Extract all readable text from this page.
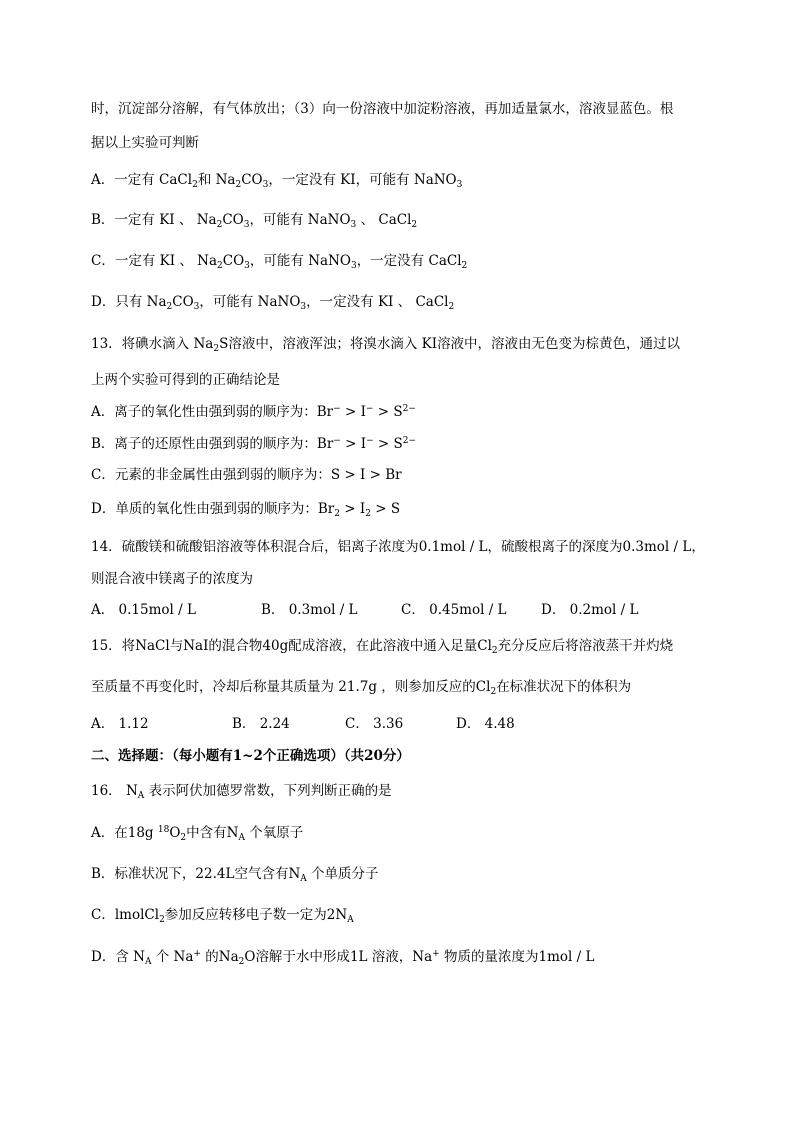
时，沉淀部分溶解，有气体放出；（3）向一份溶液中加淀粉溶液，再加适量氯水，溶液显蓝色。根
据以上实验可判断
A．一定有 CaCl$_2$和 $Na_2CO_3$，一定没有 KI，可能有 NaNO$_3$
B．一定有 KI 、 $Na_2CO_3$，可能有 NaNO$_3$ 、 CaCl$_2$
C．一定有 KI 、 $Na_2CO_3$，可能有 NaNO$_3$，一定没有 CaCl$_2$
D．只有 $Na_2CO_3$，可能有 NaNO$_3$，一定没有 KI 、 CaCl$_2$
13．将碘水滴入 $Na_2S$溶液中，溶液浑浊；将溴水滴入 KI溶液中，溶液由无色变为棕黄色，通过以
上两个实验可得到的正确结论是
A．离子的氧化性由强到弱的顺序为：$Br^- > I^- > S^{2-}$
B．离子的还原性由强到弱的顺序为：$Br^- > I^- > S^{2-}$
C．元素的非金属性由强到弱的顺序为：S > I > Br
D．单质的氧化性由强到弱的顺序为：$Br_2 > I_2 > S$
14．硫酸镁和硫酸铝溶液等体积混合后，铝离子浓度为0.1mol / L，硫酸根离子的深度为0.3mol / L，
则混合液中镁离子的浓度为
A． 0.15mol / L	B． 0.3mol / L	C． 0.45mol / L	D． 0.2mol / L
15．将NaCl与NaI的混合物40g配成溶液，在此溶液中通入足量$Cl_2$充分反应后将溶液蒸干并灼烧
至质量不再变化时，冷却后称量其质量为 21.7g ，则参加反应的$Cl_2$在标准状况下的体积为
A． 1.12	B． 2.24	C． 3.36	D． 4.48
二、选择题：（每小题有1~2个正确选项）（共20分）
16． $N_A$ 表示阿伏加德罗常数，下列判断正确的是
A．在18g $^{18}O_2$中含有$N_A$ 个氧原子
B．标准状况下，22.4L空气含有$N_A$ 个单质分子
C．lmolCl$_2$参加反应转移电子数一定为$2N_A$
D．含 $N_A$ 个 Na+ 的$Na_2O$溶解于水中形成1L 溶液，Na+ 物质的量浓度为1mol / L
